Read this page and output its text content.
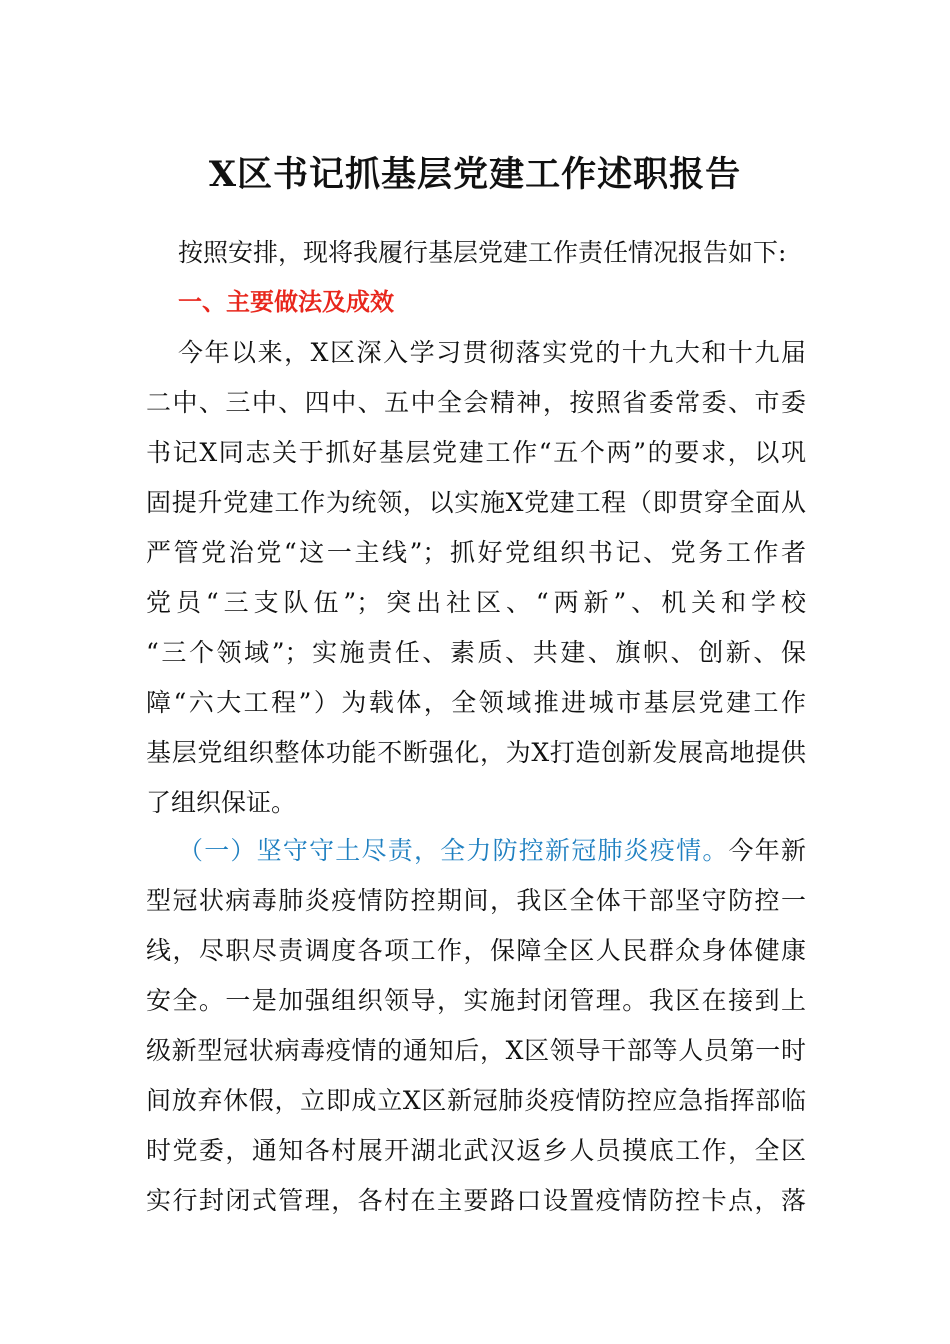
X区书记抓基层党建工作述职报告
按照安排，现将我履行基层党建工作责任情况报告如下:
一、主要做法及成效
今年以来，X区深入学习贯彻落实党的十九大和十九届
二中、三中、四中、五中全会精神，按照省委常委、市委
书记X同志关于抓好基层党建工作“五个两”的要求，以巩
固提升党建工作为统领，以实施X党建工程（即贯穿全面从
严管党治党“这一主线”；抓好党组织书记、党务工作者
党员“三支队伍”；突出社区、“两新”、机关和学校
“三个领域”；实施责任、素质、共建、旗帜、创新、保
障“六大工程”）为载体，全领域推进城市基层党建工作
基层党组织整体功能不断强化，为X打造创新发展高地提供
了组织保证。
（一）坚守守土尽责，全力防控新冠肺炎疫情。今年新
型冠状病毒肺炎疫情防控期间，我区全体干部坚守防控一
线，尽职尽责调度各项工作，保障全区人民群众身体健康
安全。一是加强组织领导，实施封闭管理。我区在接到上
级新型冠状病毒疫情的通知后，X区领导干部等人员第一时
间放弃休假，立即成立X区新冠肺炎疫情防控应急指挥部临
时党委，通知各村展开湖北武汉返乡人员摸底工作，全区
实行封闭式管理，各村在主要路口设置疫情防控卡点，落
